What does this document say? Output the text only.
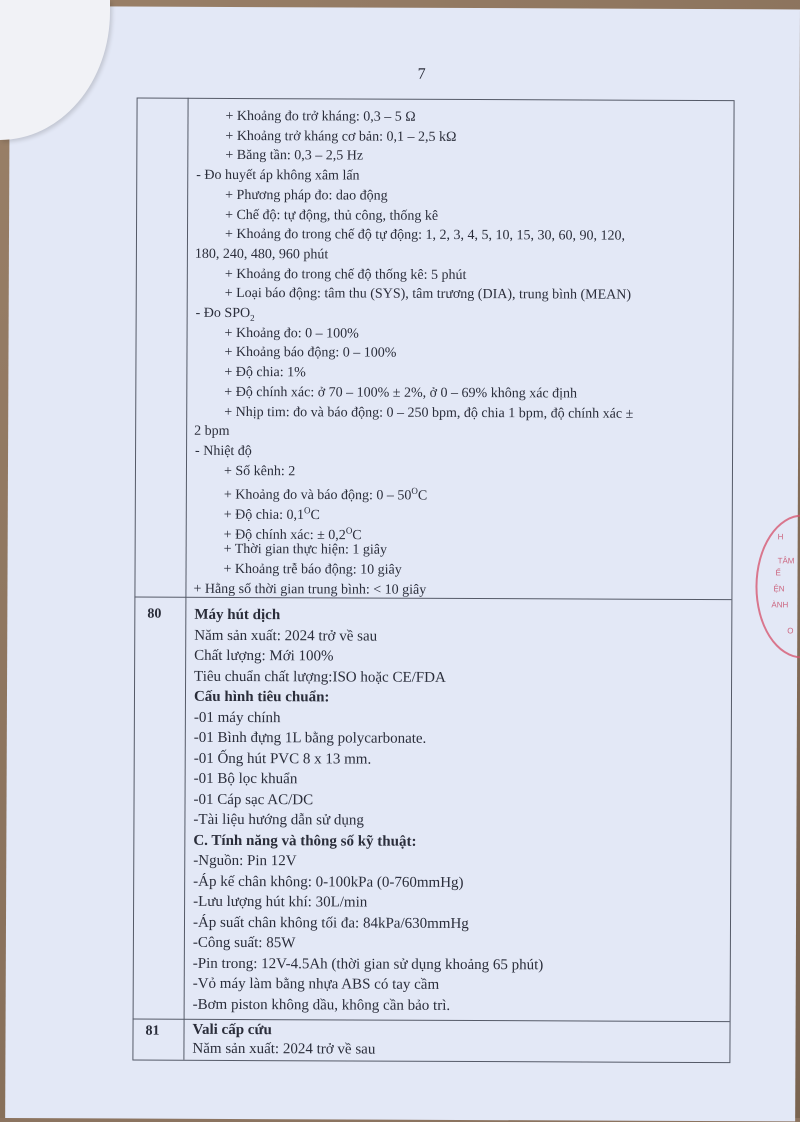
7
80
81
+ Khoảng đo trở kháng: 0,3 – 5 Ω
+ Khoảng trở kháng cơ bản: 0,1 – 2,5 kΩ
+ Băng tần: 0,3 – 2,5 Hz
- Đo huyết áp không xâm lấn
+ Phương pháp đo: dao động
+ Chế độ: tự động, thủ công, thống kê
+ Khoảng đo trong chế độ tự động: 1, 2, 3, 4, 5, 10, 15, 30, 60, 90, 120,
180, 240, 480, 960 phút
+ Khoảng đo trong chế độ thống kê: 5 phút
+ Loại báo động: tâm thu (SYS), tâm trương (DIA), trung bình (MEAN)
- Đo $SPO_2$
+ Khoảng đo: 0 – 100%
+ Khoảng báo động: 0 – 100%
+ Độ chia: 1%
+ Độ chính xác: ở 70 – 100% ± 2%, ở 0 – 69% không xác định
+ Nhịp tim: đo và báo động: 0 – 250 bpm, độ chia 1 bpm, độ chính xác ±
2 bpm
- Nhiệt độ
+ Số kênh: 2
+ Khoảng đo và báo động: $0 - 50^OC$
+ Độ chia: $0,1^OC$
+ Độ chính xác: ± $0,2^OC$
+ Thời gian thực hiện: 1 giây
+ Khoảng trễ báo động: 10 giây
+ Hằng số thời gian trung bình: < 10 giây
Máy hút dịch
Năm sản xuất: 2024 trở về sau
Chất lượng: Mới 100%
Tiêu chuẩn chất lượng:ISO hoặc CE/FDA
Cấu hình tiêu chuẩn:
-01 máy chính
-01 Bình đựng 1L bằng polycarbonate.
-01 Ống hút PVC 8 x 13 mm.
-01 Bộ lọc khuẩn
-01 Cáp sạc AC/DC
-Tài liệu hướng dẫn sử dụng
C. Tính năng và thông số kỹ thuật:
-Nguồn: Pin 12V
-Áp kế chân không: 0-100kPa (0-760mmHg)
-Lưu lượng hút khí: 30L/min
-Áp suất chân không tối đa: 84kPa/630mmHg
-Công suất: 85W
-Pin trong: 12V-4.5Ah (thời gian sử dụng khoảng 65 phút)
-Vỏ máy làm bằng nhựa ABS có tay cầm
-Bơm piston không dầu, không cần bảo trì.
Vali cấp cứu
Năm sản xuất: 2024 trở về sau
H
TÂM
Ế
ỆN
ÀNH
O
